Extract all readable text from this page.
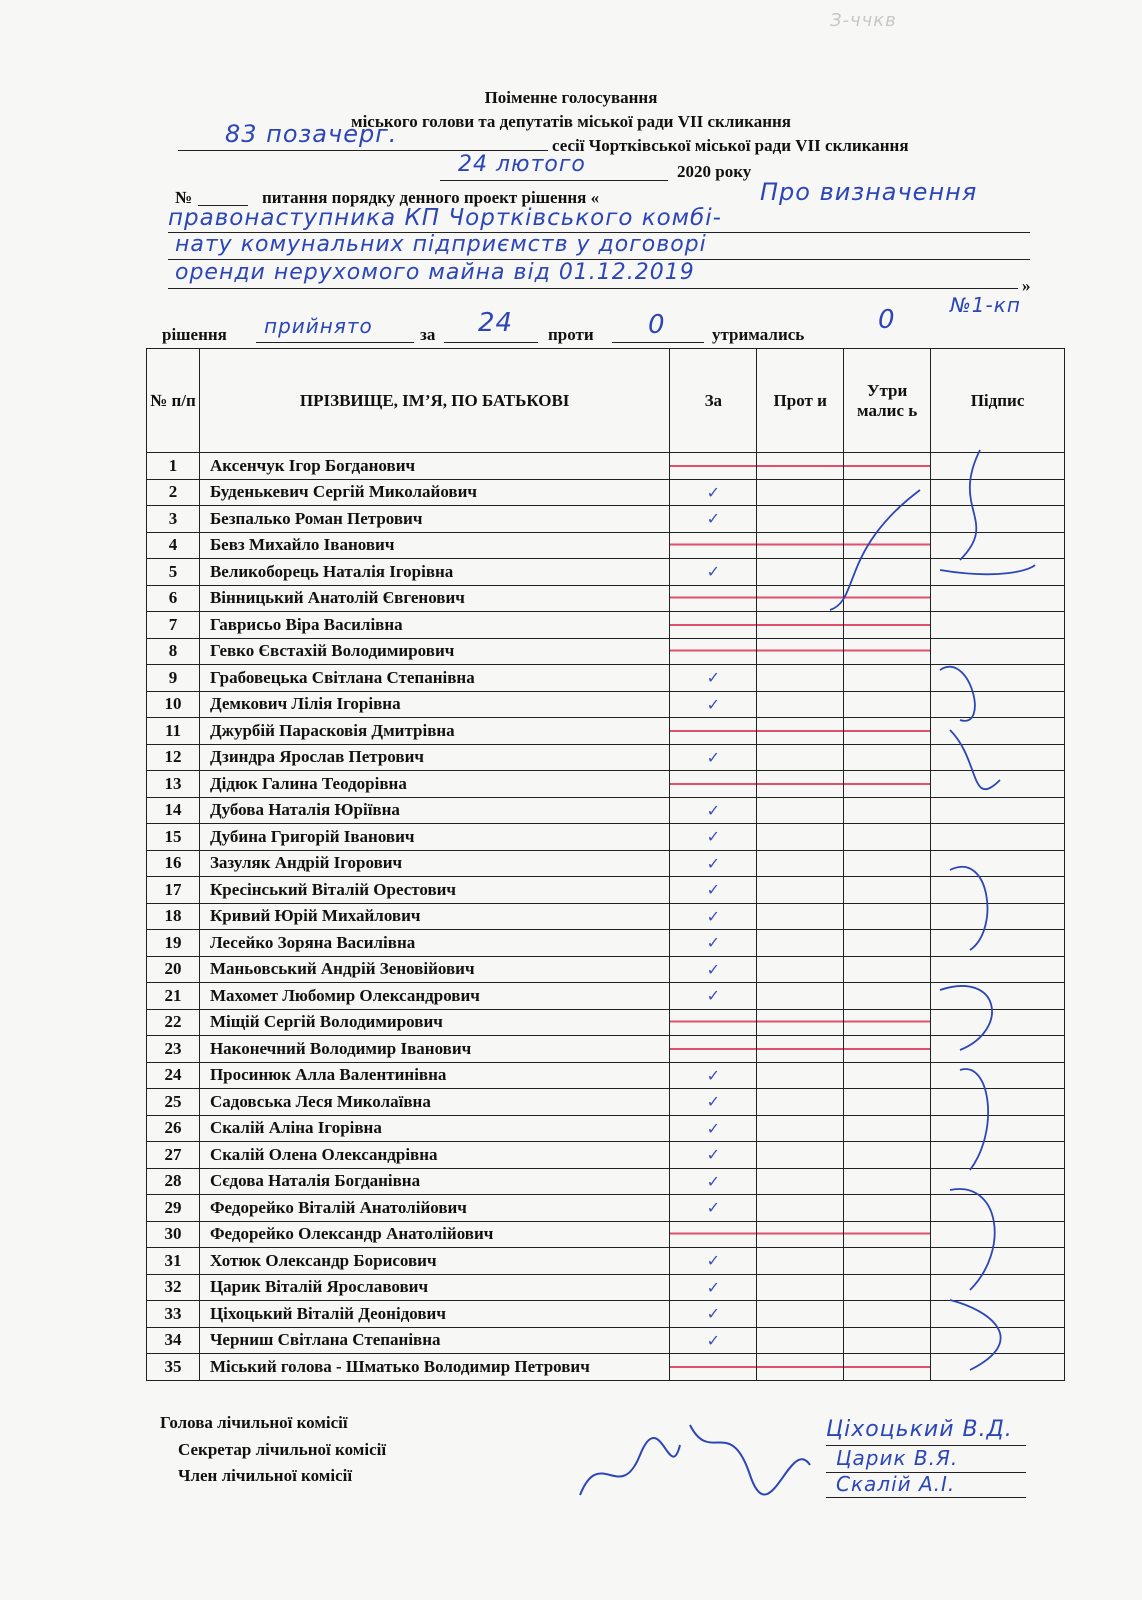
Поіменне голосування
міського голови та депутатів міської ради VII скликання
83 позачерг.	сесії Чортківської міської ради VII скликання
24 лютого	2020 року
№	питання порядку денного проект рішення «	Про визначення
правонаступника КП Чортківського комбі-
нату комунальних підприємств у договорі
оренди нерухомого майна від 01.12.2019
»
№1-кп
рішення прийнято	за 24 проти 0	утримались	0
№ п/п	ПРІЗВИЩЕ, ІМ’Я, ПО БАТЬКОВІ	За	Прот и	Утри малис ь	Підпис
1	Аксенчук Ігор Богданович				
2	Буденькевич Сергій Миколайович	✓			

3	Безпалько Роман Петрович	✓			

4	Бевз Михайло Іванович				
5	Великоборець Наталія Ігорівна	✓			

6	Вінницький Анатолій Євгенович				
7	Гаврисьо Віра Василівна				
8	Гевко Євстахій Володимирович				
9	Грабовецька Світлана Степанівна	✓			

10	Демкович Лілія Ігорівна	✓			

11	Джурбій Парасковія Дмитрівна				
12	Дзиндра Ярослав Петрович	✓			

13	Дідюк Галина Теодорівна				
14	Дубова Наталія Юріївна	✓			

15	Дубина Григорій Іванович	✓			

16	Зазуляк Андрій Ігорович	✓			

17	Кресінський Віталій Орестович	✓			

18	Кривий Юрій Михайлович	✓			

19	Лесейко Зоряна Василівна	✓			

20	Маньовський Андрій Зеновійович	✓			

21	Махомет Любомир Олександрович	✓			

22	Міщій Сергій Володимирович				
23	Наконечний Володимир Іванович				
24	Просинюк Алла Валентинівна	✓			

25	Садовська Леся Миколаївна	✓			

26	Скалій Аліна Ігорівна	✓			

27	Скалій Олена Олександрівна	✓			

28	Сєдова Наталія Богданівна	✓			

29	Федорейко Віталій Анатолійович	✓			

30	Федорейко Олександр Анатолійович				
31	Хотюк Олександр Борисович	✓			

32	Царик Віталій Ярославович	✓			

33	Ціхоцький Віталій Деонідович	✓			

34	Черниш Світлана Степанівна	✓			

35	Міський голова - Шматько Володимир Петрович				
Голова лічильної комісії
Секретар лічильної комісії
Член лічильної комісії
Ціхоцький В.Д.
Царик В.Я.
Скалій А.І.
З-ччкв
